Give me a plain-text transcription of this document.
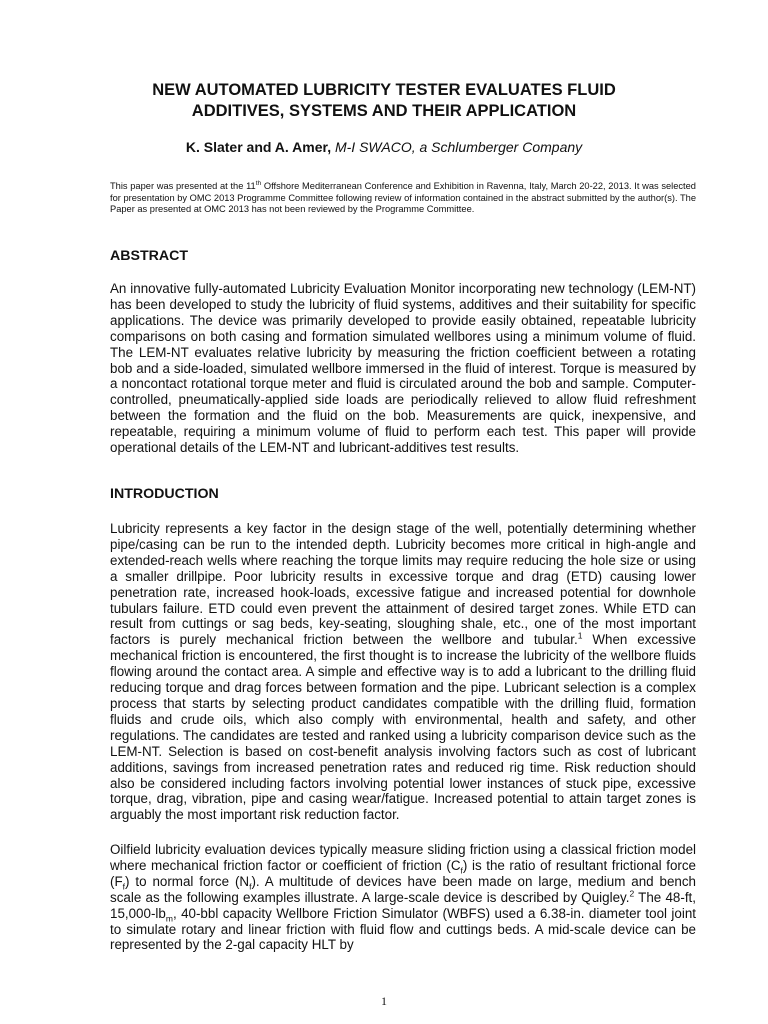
NEW AUTOMATED LUBRICITY TESTER EVALUATES FLUID
ADDITIVES, SYSTEMS AND THEIR APPLICATION
K. Slater and A. Amer, M-I SWACO, a Schlumberger Company
This paper was presented at the 11th Offshore Mediterranean Conference and Exhibition in Ravenna, Italy, March 20-22, 2013. It was selected for presentation by OMC 2013 Programme Committee following review of information contained in the abstract submitted by the author(s). The Paper as presented at OMC 2013 has not been reviewed by the Programme Committee.
ABSTRACT

An innovative fully-automated Lubricity Evaluation Monitor incorporating new technology (LEM-NT) has been developed to study the lubricity of fluid systems, additives and their suitability for specific applications. The device was primarily developed to provide easily obtained, repeatable lubricity comparisons on both casing and formation simulated wellbores using a minimum volume of fluid. The LEM-NT evaluates relative lubricity by measuring the friction coefficient between a rotating bob and a side-loaded, simulated wellbore immersed in the fluid of interest. Torque is measured by a noncontact rotational torque meter and fluid is circulated around the bob and sample. Computer-controlled, pneumatically-applied side loads are periodically relieved to allow fluid refreshment between the formation and the fluid on the bob. Measurements are quick, inexpensive, and repeatable, requiring a minimum volume of fluid to perform each test. This paper will provide operational details of the LEM-NT and lubricant-additives test results.

INTRODUCTION

Lubricity represents a key factor in the design stage of the well, potentially determining whether pipe/casing can be run to the intended depth. Lubricity becomes more critical in high-angle and extended-reach wells where reaching the torque limits may require reducing the hole size or using a smaller drillpipe. Poor lubricity results in excessive torque and drag (ETD) causing lower penetration rate, increased hook-loads, excessive fatigue and increased potential for downhole tubulars failure. ETD could even prevent the attainment of desired target zones. While ETD can result from cuttings or sag beds, key-seating, sloughing shale, etc., one of the most important factors is purely mechanical friction between the wellbore and tubular.$^1$ When excessive mechanical friction is encountered, the first thought is to increase the lubricity of the wellbore fluids flowing around the contact area. A simple and effective way is to add a lubricant to the drilling fluid reducing torque and drag forces between formation and the pipe. Lubricant selection is a complex process that starts by selecting product candidates compatible with the drilling fluid, formation fluids and crude oils, which also comply with environmental, health and safety, and other regulations. The candidates are tested and ranked using a lubricity comparison device such as the LEM-NT. Selection is based on cost-benefit analysis involving factors such as cost of lubricant additions, savings from increased penetration rates and reduced rig time. Risk reduction should also be considered including factors involving potential lower instances of stuck pipe, excessive torque, drag, vibration, pipe and casing wear/fatigue. Increased potential to attain target zones is arguably the most important risk reduction factor.

Oilfield lubricity evaluation devices typically measure sliding friction using a classical friction model where mechanical friction factor or coefficient of friction $(C_f)$ is the ratio of resultant frictional force $(F_f)$ to normal force $(N_f)$. A multitude of devices have been made on large, medium and bench scale as the following examples illustrate. A large-scale device is described by Quigley.$^2$ The 48-ft, $15,000-lb_m$, 40-bbl capacity Wellbore Friction Simulator (WBFS) used a 6.38-in. diameter tool joint to simulate rotary and linear friction with fluid flow and cuttings beds. A mid-scale device can be represented by the 2-gal capacity HLT by

1
